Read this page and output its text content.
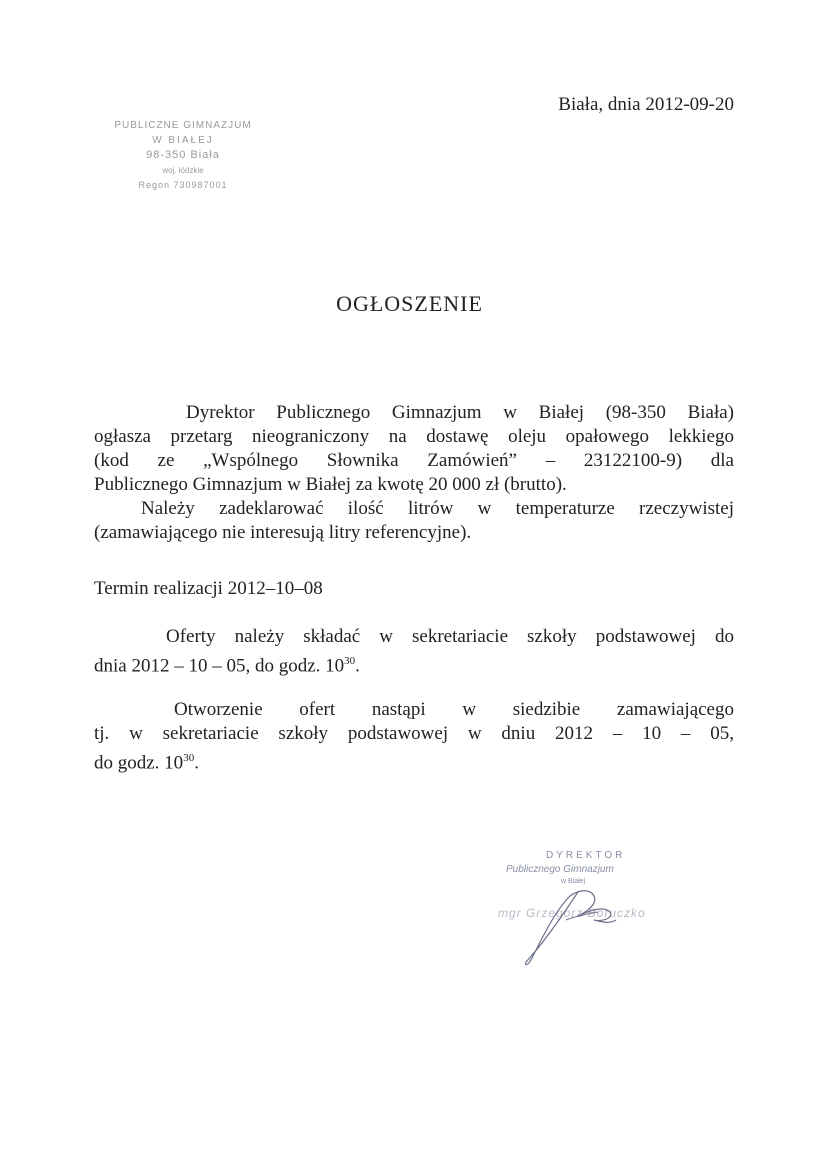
PUBLICZNE GIMNAZJUM
W BIAŁEJ
98-350 Biała
woj. łódzkie
Regon 730987001
Biała, dnia 2012-09-20
OGŁOSZENIE
Dyrektor Publicznego Gimnazjum w Białej (98-350 Biała)
ogłasza przetarg nieograniczony na dostawę oleju opałowego lekkiego
(kod ze „Wspólnego Słownika Zamówień” – 23122100-9) dla
Publicznego Gimnazjum w Białej za kwotę 20 000 zł (brutto).
Należy zadeklarować ilość litrów w temperaturze rzeczywistej
(zamawiającego nie interesują litry referencyjne).
Termin realizacji 2012–10–08
Oferty należy składać w sekretariacie szkoły podstawowej do
dnia 2012 – 10 – 05, do godz. $10^{30}$.
Otworzenie ofert nastąpi w siedzibie zamawiającego
tj. w sekretariacie szkoły podstawowej w dniu 2012 – 10 – 05,
do godz. $10^{30}$.
DYREKTOR
Publicznego Gimnazjum
w Białej
mgr Grzegorz Boruczko
